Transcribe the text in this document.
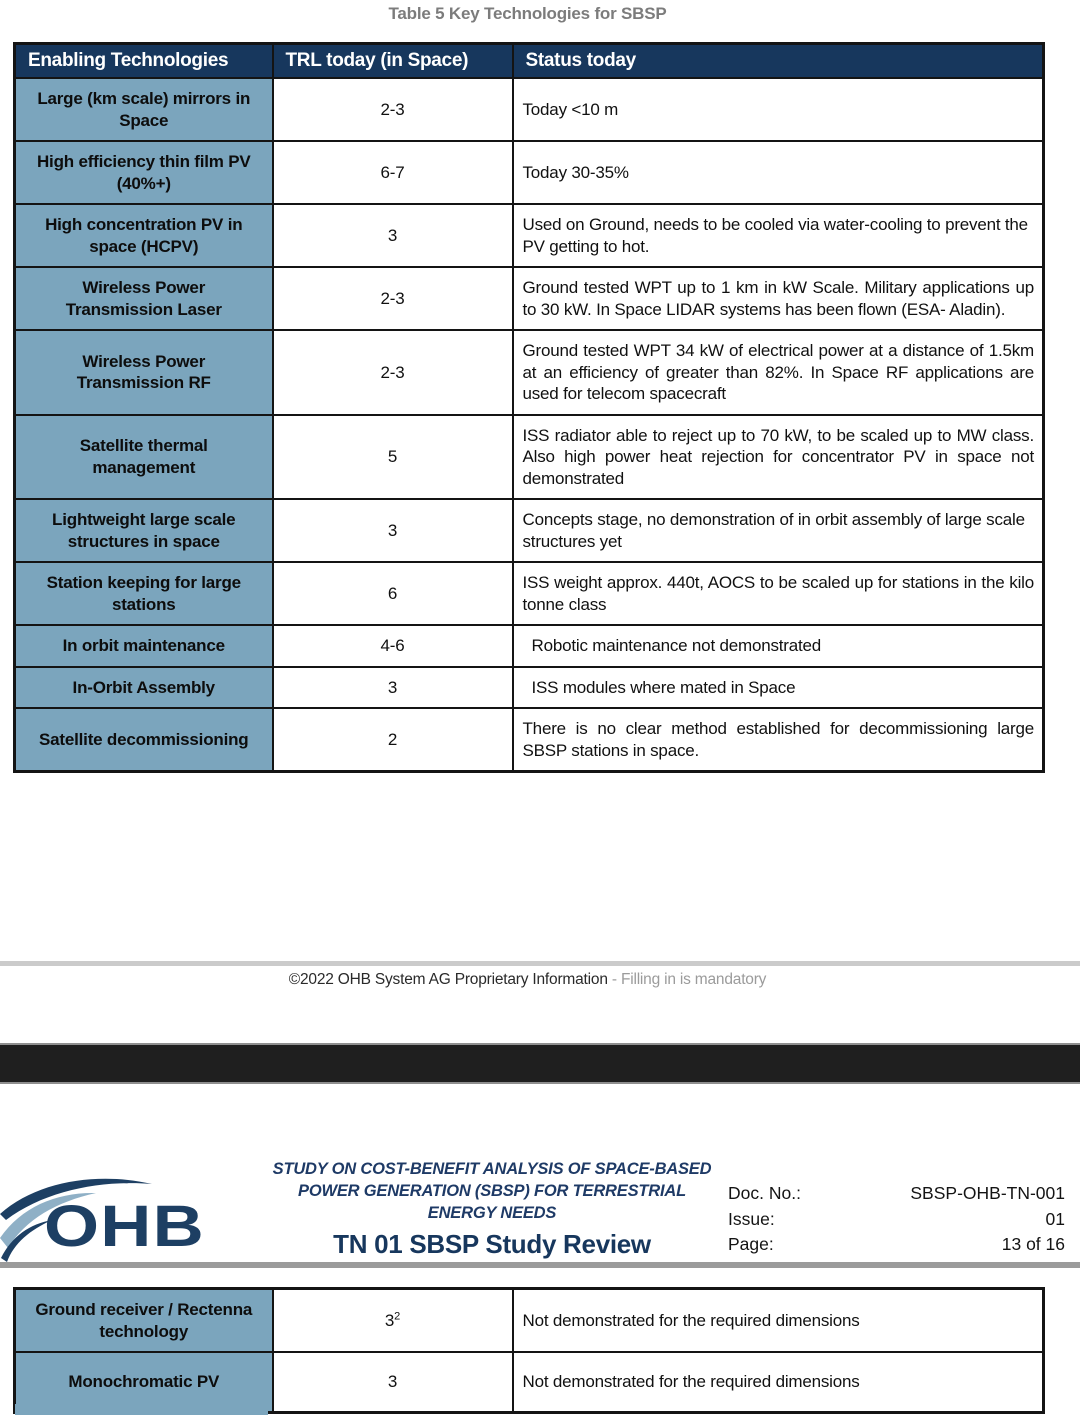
Table 5 Key Technologies for SBSP
Enabling Technologies	TRL today (in Space)	Status today
Large (km scale) mirrors in Space	2-3	Today <10 m
High efficiency thin film PV (40%+)	6-7	Today 30-35%
High concentration PV in space (HCPV)	3	Used on Ground, needs to be cooled via water-cooling to prevent the PV getting to hot.
Wireless Power Transmission Laser	2-3	Ground tested WPT up to 1 km in kW Scale. Military applications up to 30 kW. In Space LIDAR systems has been flown (ESA- Aladin).
Wireless Power Transmission RF	2-3	Ground tested WPT 34 kW of electrical power at a distance of 1.5km at an efficiency of greater than 82%. In Space RF applications are used for telecom spacecraft
Satellite thermal management	5	ISS radiator able to reject up to 70 kW, to be scaled up to MW class. Also high power heat rejection for concentrator PV in space not demonstrated
Lightweight large scale structures in space	3	Concepts stage, no demonstration of in orbit assembly of large scale structures yet
Station keeping for large stations	6	ISS weight approx. 440t, AOCS to be scaled up for stations in the kilo tonne class
In orbit maintenance	4-6	Robotic maintenance not demonstrated
In-Orbit Assembly	3	ISS modules where mated in Space
Satellite decommissioning	2	There is no clear method established for decommissioning large SBSP stations in space.
©2022 OHB System AG Proprietary Information - Filling in is mandatory
OHB
STUDY ON COST-BENEFIT ANALYSIS OF SPACE-BASED
POWER GENERATION (SBSP) FOR TERRESTRIAL
ENERGY NEEDS
TN 01 SBSP Study Review
Doc. No.:	SBSP-OHB-TN-001
Issue:	01
Page:	13 of 16
Ground receiver / Rectenna technology	$3^2$	Not demonstrated for the required dimensions
Monochromatic PV	3	Not demonstrated for the required dimensions
